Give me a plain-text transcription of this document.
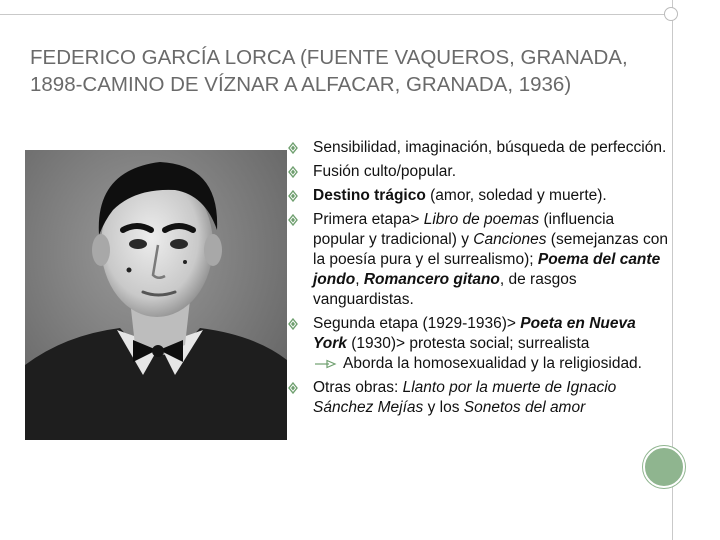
FEDERICO GARCÍA LORCA (FUENTE VAQUEROS, GRANADA, 1898-CAMINO DE VÍZNAR A ALFACAR, GRANADA, 1936)
Sensibilidad, imaginación, búsqueda de perfección.
Fusión culto/popular.
Destino trágico (amor, soledad y muerte).
Primera etapa> Libro de poemas (influencia popular y tradicional) y Canciones (semejanzas con la poesía pura y el surrealismo); Poema del cante jondo, Romancero gitano, de rasgos vanguardistas.
Segunda etapa (1929-1936)> Poeta en Nueva York (1930)> protesta social; surrealista
Aborda la homosexualidad y la religiosidad.
Otras obras: Llanto por la muerte de Ignacio Sánchez Mejías y los Sonetos del amor
